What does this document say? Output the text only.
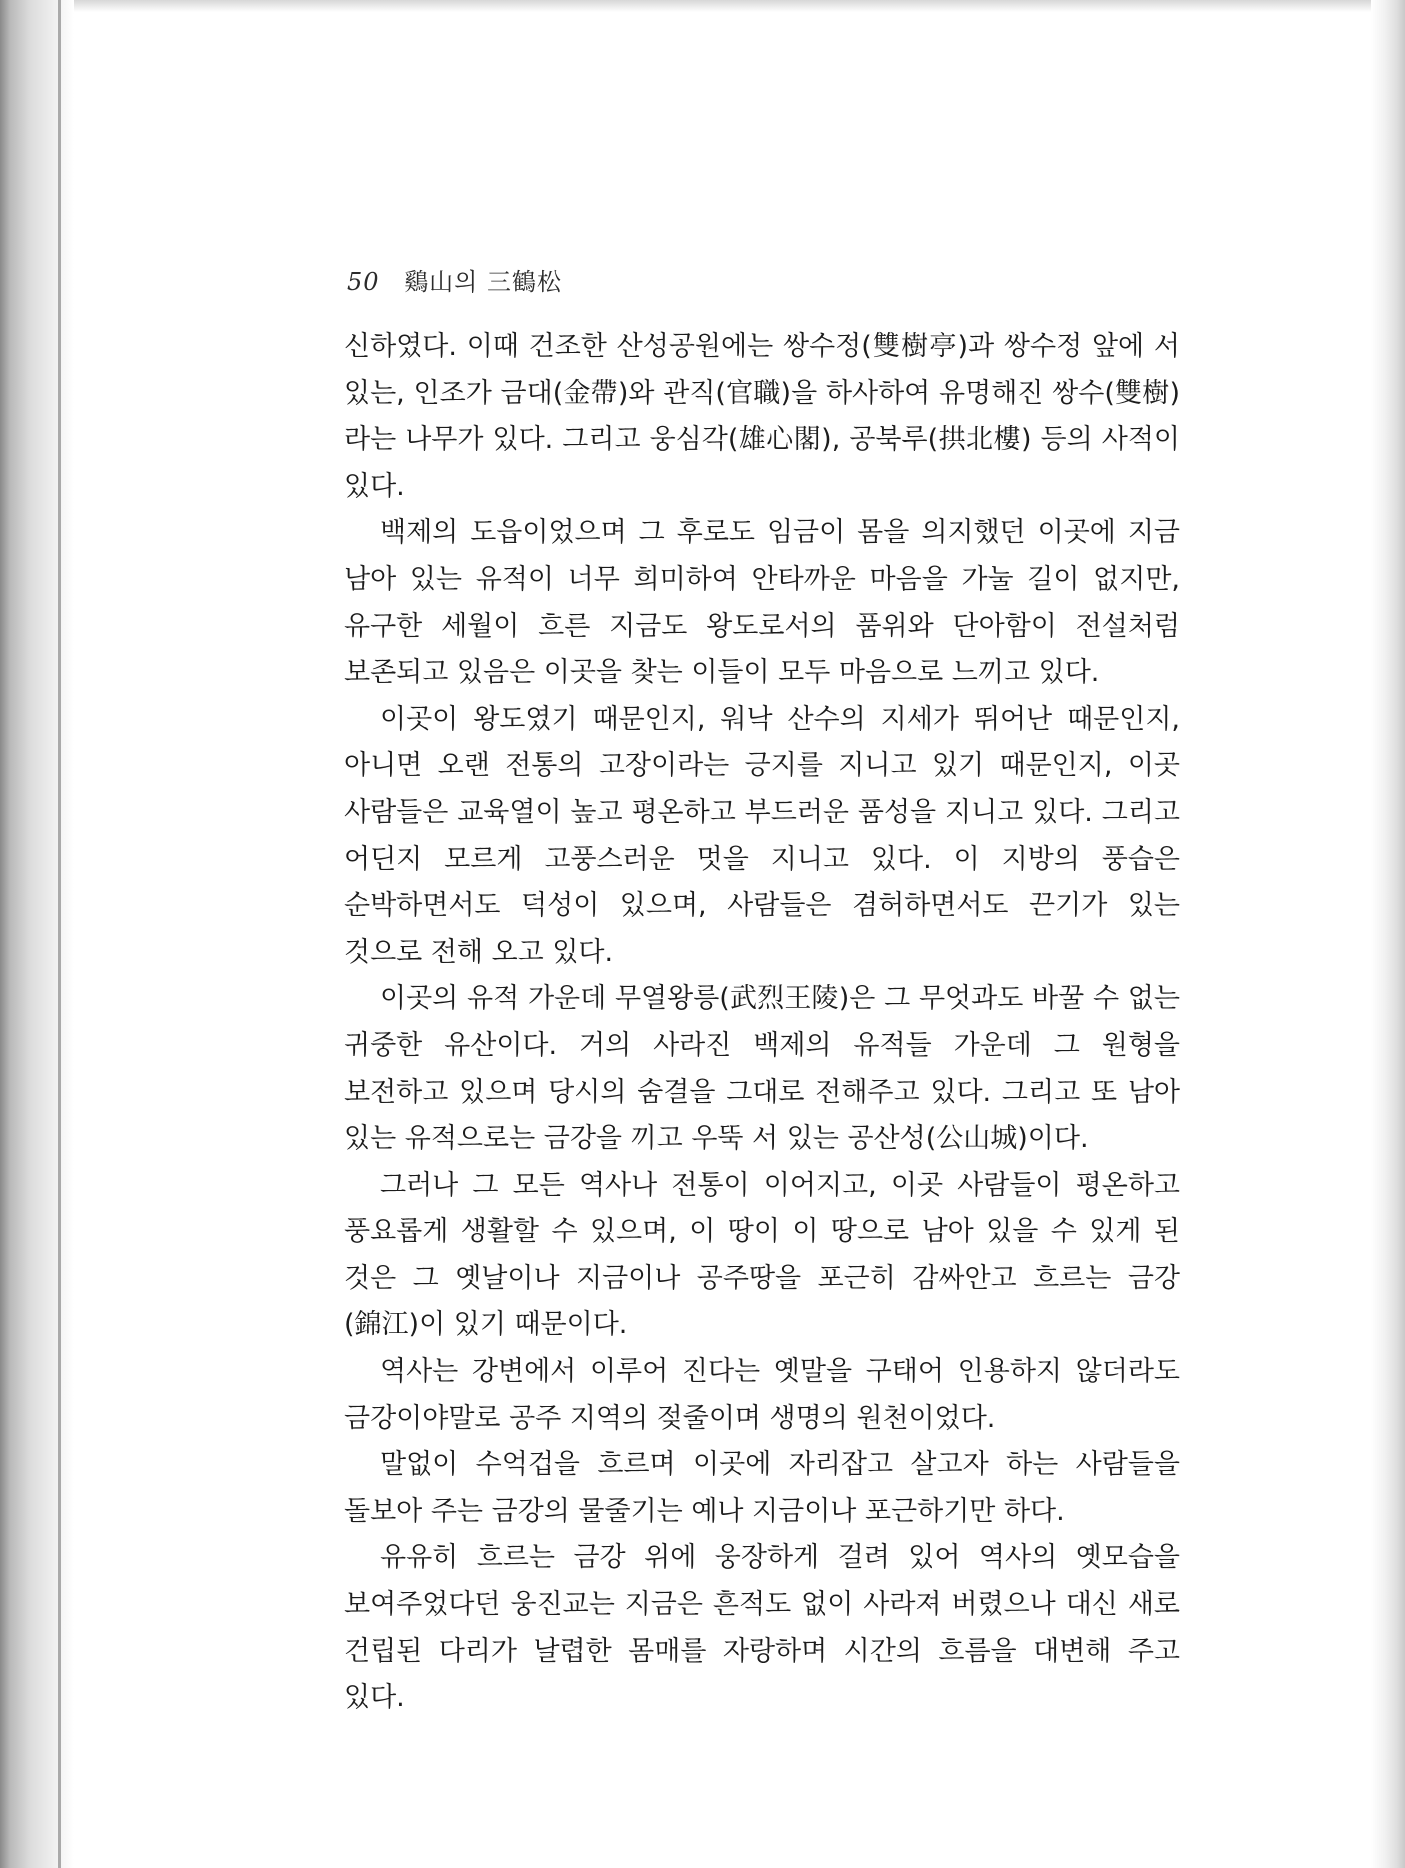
50 鷄山의 三鶴松

신하였다. 이때 건조한 산성공원에는 쌍수정(雙樹亭)과 쌍수정 앞에 서 있는, 인조가 금대(金帶)와 관직(官職)을 하사하여 유명해진 쌍수(雙樹)라는 나무가 있다. 그리고 웅심각(雄心閣), 공북루(拱北樓) 등의 사적이 있다.

백제의 도읍이었으며 그 후로도 임금이 몸을 의지했던 이곳에 지금 남아 있는 유적이 너무 희미하여 안타까운 마음을 가눌 길이 없지만, 유구한 세월이 흐른 지금도 왕도로서의 품위와 단아함이 전설처럼 보존되고 있음은 이곳을 찾는 이들이 모두 마음으로 느끼고 있다.

이곳이 왕도였기 때문인지, 워낙 산수의 지세가 뛰어난 때문인지, 아니면 오랜 전통의 고장이라는 긍지를 지니고 있기 때문인지, 이곳 사람들은 교육열이 높고 평온하고 부드러운 품성을 지니고 있다. 그리고 어딘지 모르게 고풍스러운 멋을 지니고 있다. 이 지방의 풍습은 순박하면서도 덕성이 있으며, 사람들은 겸허하면서도 끈기가 있는 것으로 전해 오고 있다.

이곳의 유적 가운데 무열왕릉(武烈王陵)은 그 무엇과도 바꿀 수 없는 귀중한 유산이다. 거의 사라진 백제의 유적들 가운데 그 원형을 보전하고 있으며 당시의 숨결을 그대로 전해주고 있다. 그리고 또 남아 있는 유적으로는 금강을 끼고 우뚝 서 있는 공산성(公山城)이다.

그러나 그 모든 역사나 전통이 이어지고, 이곳 사람들이 평온하고 풍요롭게 생활할 수 있으며, 이 땅이 이 땅으로 남아 있을 수 있게 된 것은 그 옛날이나 지금이나 공주땅을 포근히 감싸안고 흐르는 금강(錦江)이 있기 때문이다.

역사는 강변에서 이루어 진다는 옛말을 구태어 인용하지 않더라도 금강이야말로 공주 지역의 젖줄이며 생명의 원천이었다.

말없이 수억겁을 흐르며 이곳에 자리잡고 살고자 하는 사람들을 돌보아 주는 금강의 물줄기는 예나 지금이나 포근하기만 하다.

유유히 흐르는 금강 위에 웅장하게 걸려 있어 역사의 옛모습을 보여주었다던 웅진교는 지금은 흔적도 없이 사라져 버렸으나 대신 새로 건립된 다리가 날렵한 몸매를 자랑하며 시간의 흐름을 대변해 주고 있다.
